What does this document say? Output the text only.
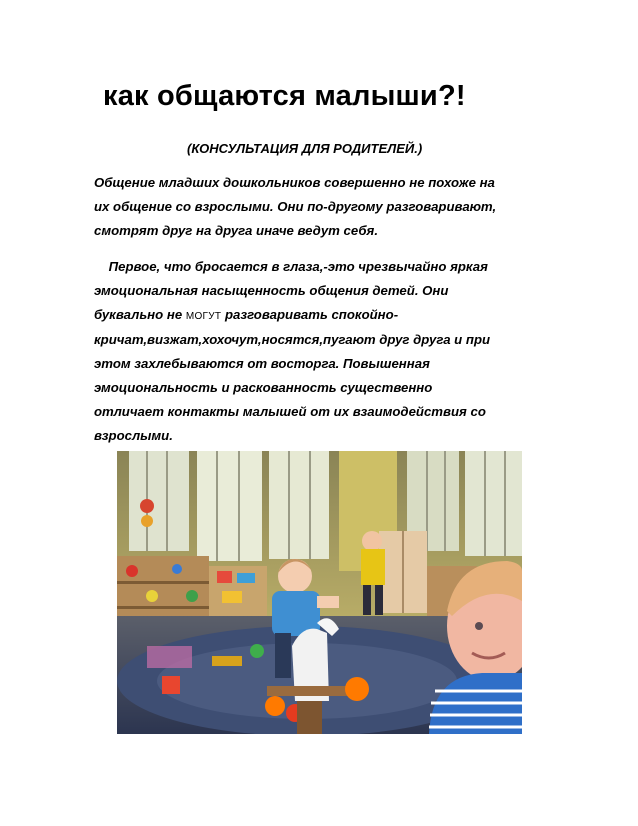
как общаются малыши?!
(КОНСУЛЬТАЦИЯ ДЛЯ РОДИТЕЛЕЙ.)
Общение младших дошкольников совершенно не похоже на
их общение со взрослыми. Они по-другому разговаривают,
смотрят друг на друга иначе ведут себя.
Первое, что бросается в глаза,-это чрезвычайно яркая
эмоциональная насыщенность общения детей. Они
буквально не МОГУТ разговаривать спокойно-
кричат,визжат,хохочут,носятся,пугают друг друга и при
этом захлебываются от восторга. Повышенная
эмоциональность и раскованность существенно
отличает контакты малышей от их взаимодействия со
взрослыми.
